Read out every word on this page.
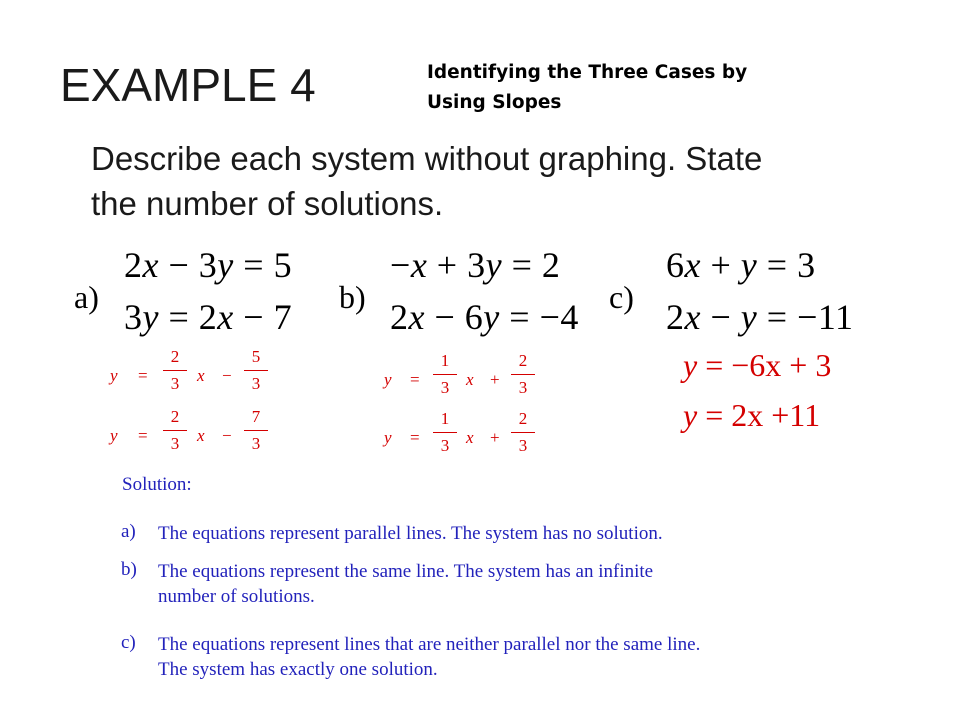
EXAMPLE 4	Identifying the Three Cases by
Using Slopes
Describe each system without graphing. State
the number of solutions.
a)	b)	c)
2x − 3y = 5
3y = 2x − 7
−x + 3y = 2
2x − 6y = −4
6x + y = 3
2x − y = −11
y =
2
3	x −
5
3
y =
2
3	x −
7
3
y =
1
3 x +
2
3
y =
1
3 x +
2
3
y = −6x + 3
y = 2x +11
Solution:
a) The equations represent parallel lines. The system has no solution.
b) The equations represent the same line. The system has an infinite
number of solutions.
c) The equations represent lines that are neither parallel nor the same line.
The system has exactly one solution.
